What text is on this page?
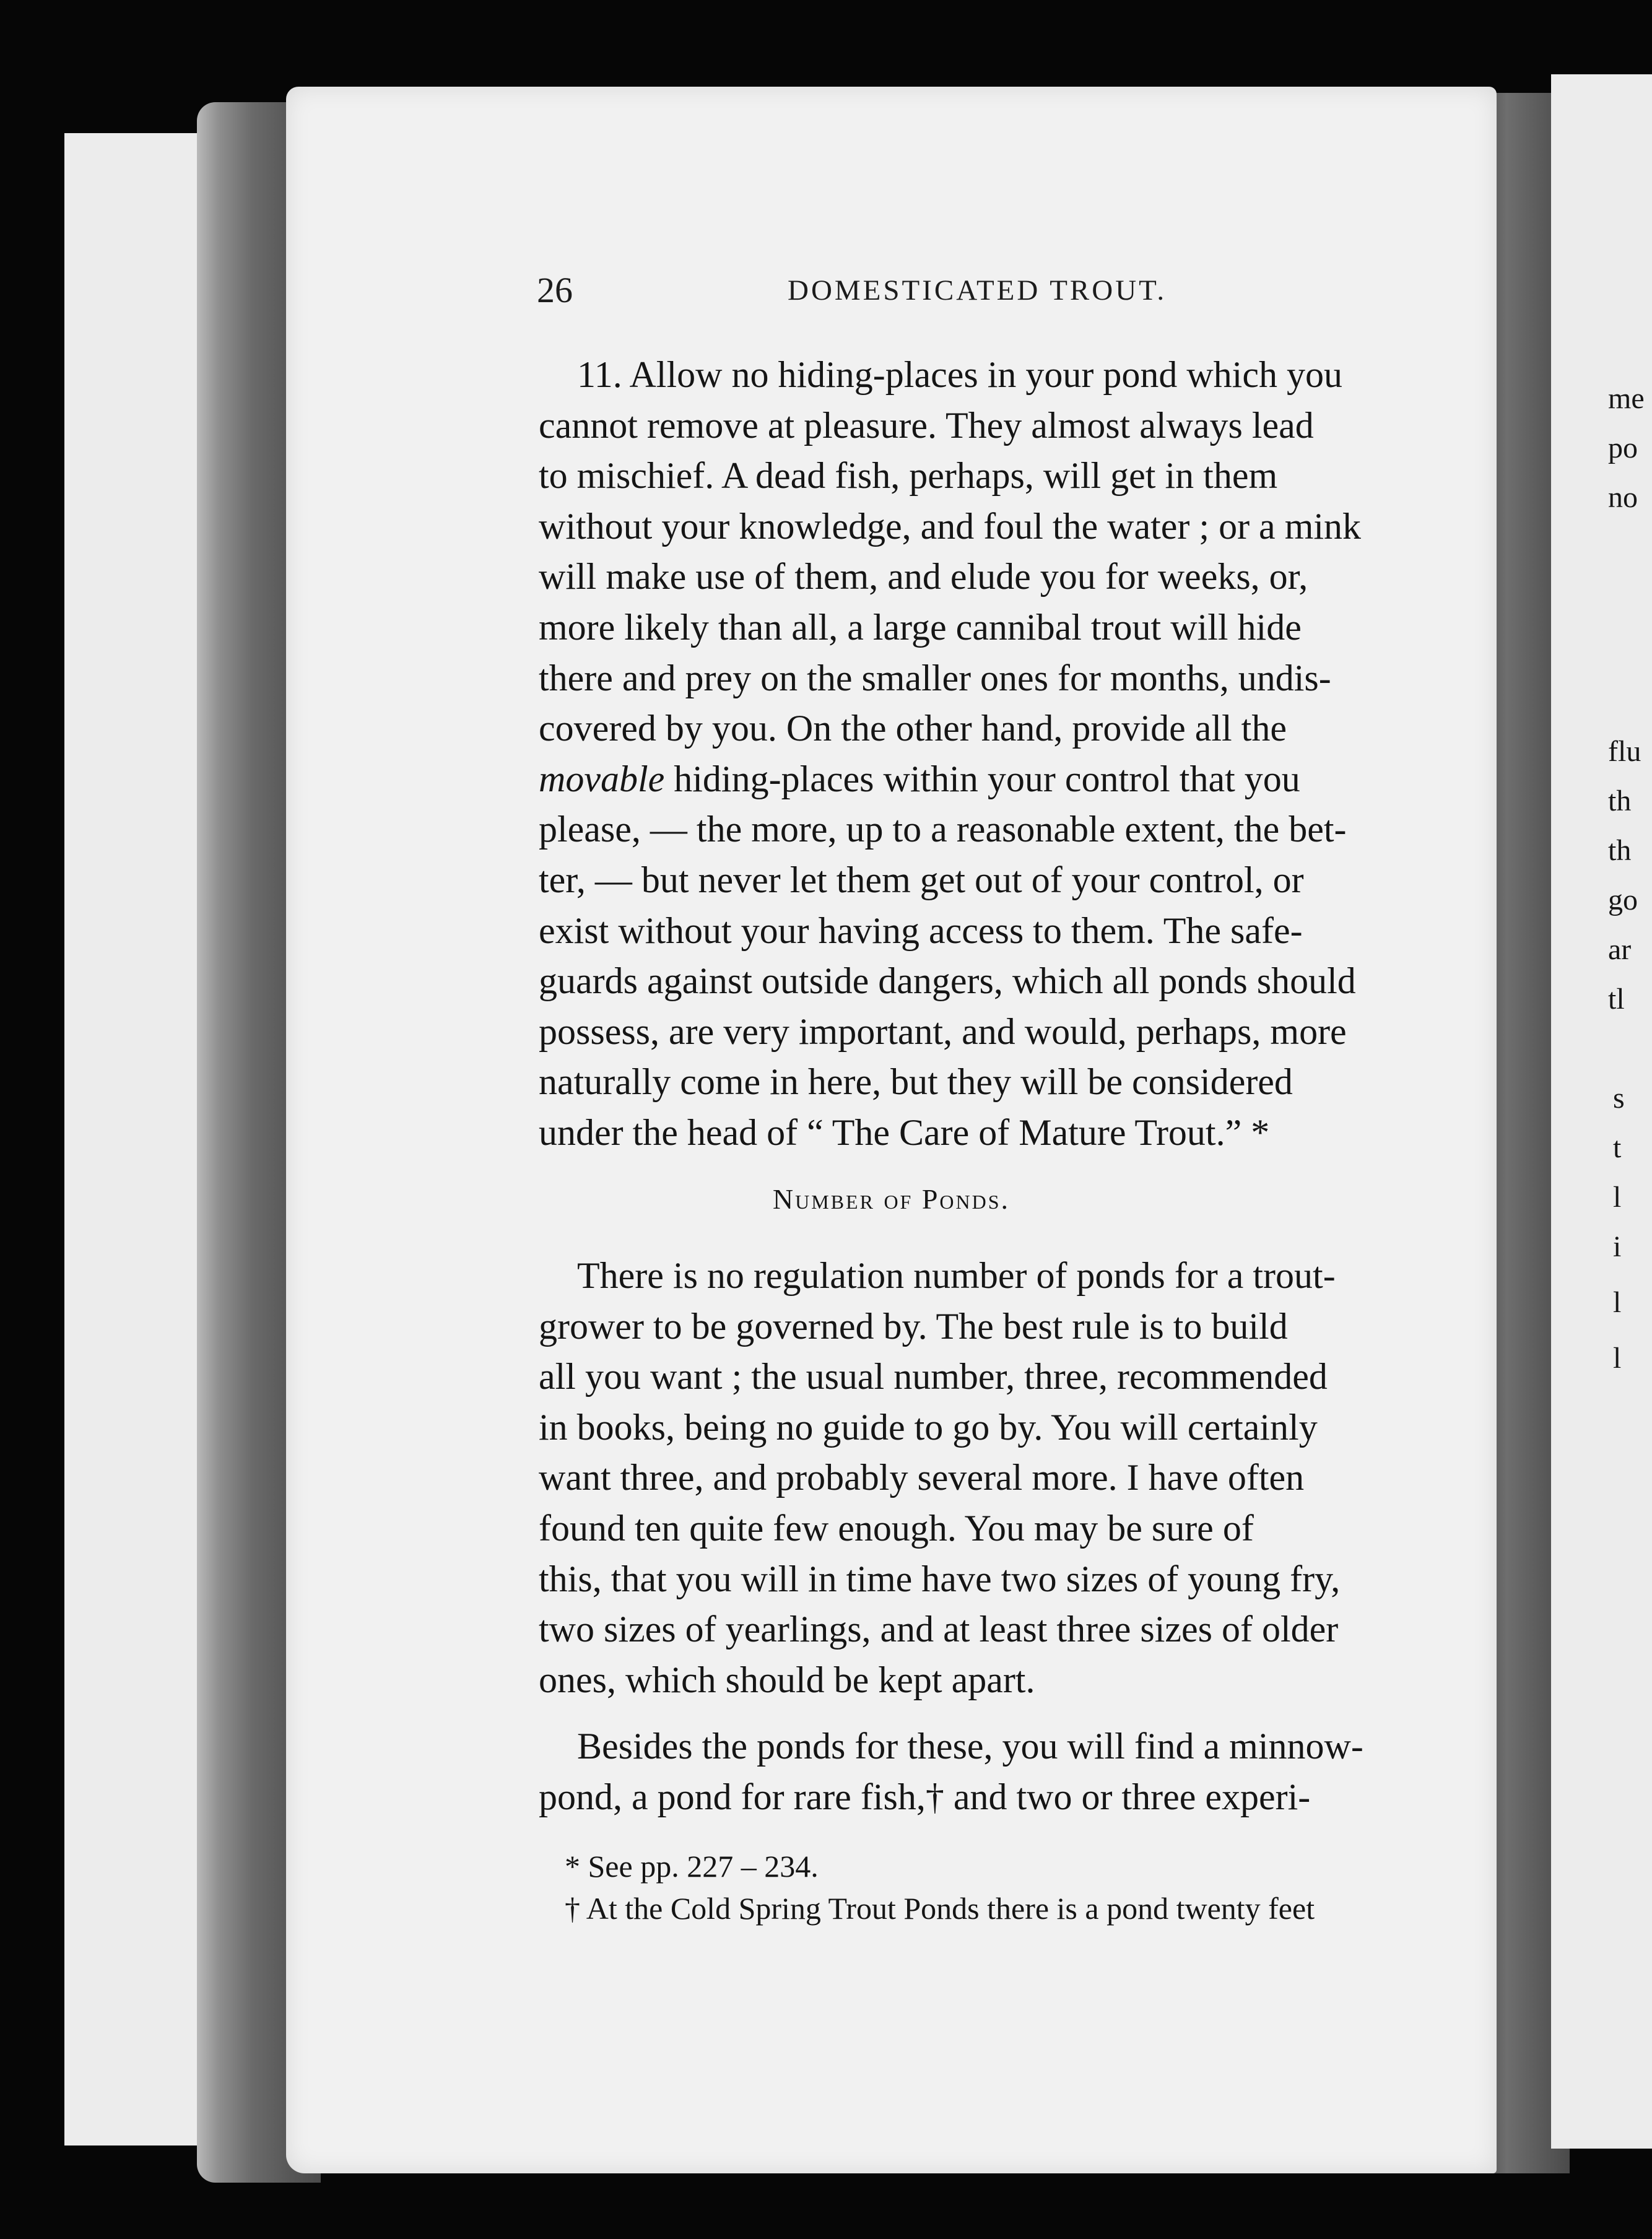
me
po
no
flu
th
th
go
ar
tl
s
t
l
i
l
l
26	DOMESTICATED TROUT.

11. Allow no hiding-places in your pond which you

cannot remove at pleasure. They almost always lead

to mischief. A dead fish, perhaps, will get in them

without your knowledge, and foul the water ; or a mink

will make use of them, and elude you for weeks, or,

more likely than all, a large cannibal trout will hide

there and prey on the smaller ones for months, undis-

covered by you. On the other hand, provide all the

movable hiding-places within your control that you

please, — the more, up to a reasonable extent, the bet-

ter, — but never let them get out of your control, or

exist without your having access to them. The safe-

guards against outside dangers, which all ponds should

possess, are very important, and would, perhaps, more

naturally come in here, but they will be considered

under the head of “ The Care of Mature Trout.” *

Number of Ponds.

There is no regulation number of ponds for a trout-

grower to be governed by. The best rule is to build

all you want ; the usual number, three, recommended

in books, being no guide to go by. You will certainly

want three, and probably several more. I have often

found ten quite few enough. You may be sure of

this, that you will in time have two sizes of young fry,

two sizes of yearlings, and at least three sizes of older

ones, which should be kept apart.

Besides the ponds for these, you will find a minnow-

pond, a pond for rare fish,† and two or three experi-

* See pp. 227 – 234.
† At the Cold Spring Trout Ponds there is a pond twenty feet
